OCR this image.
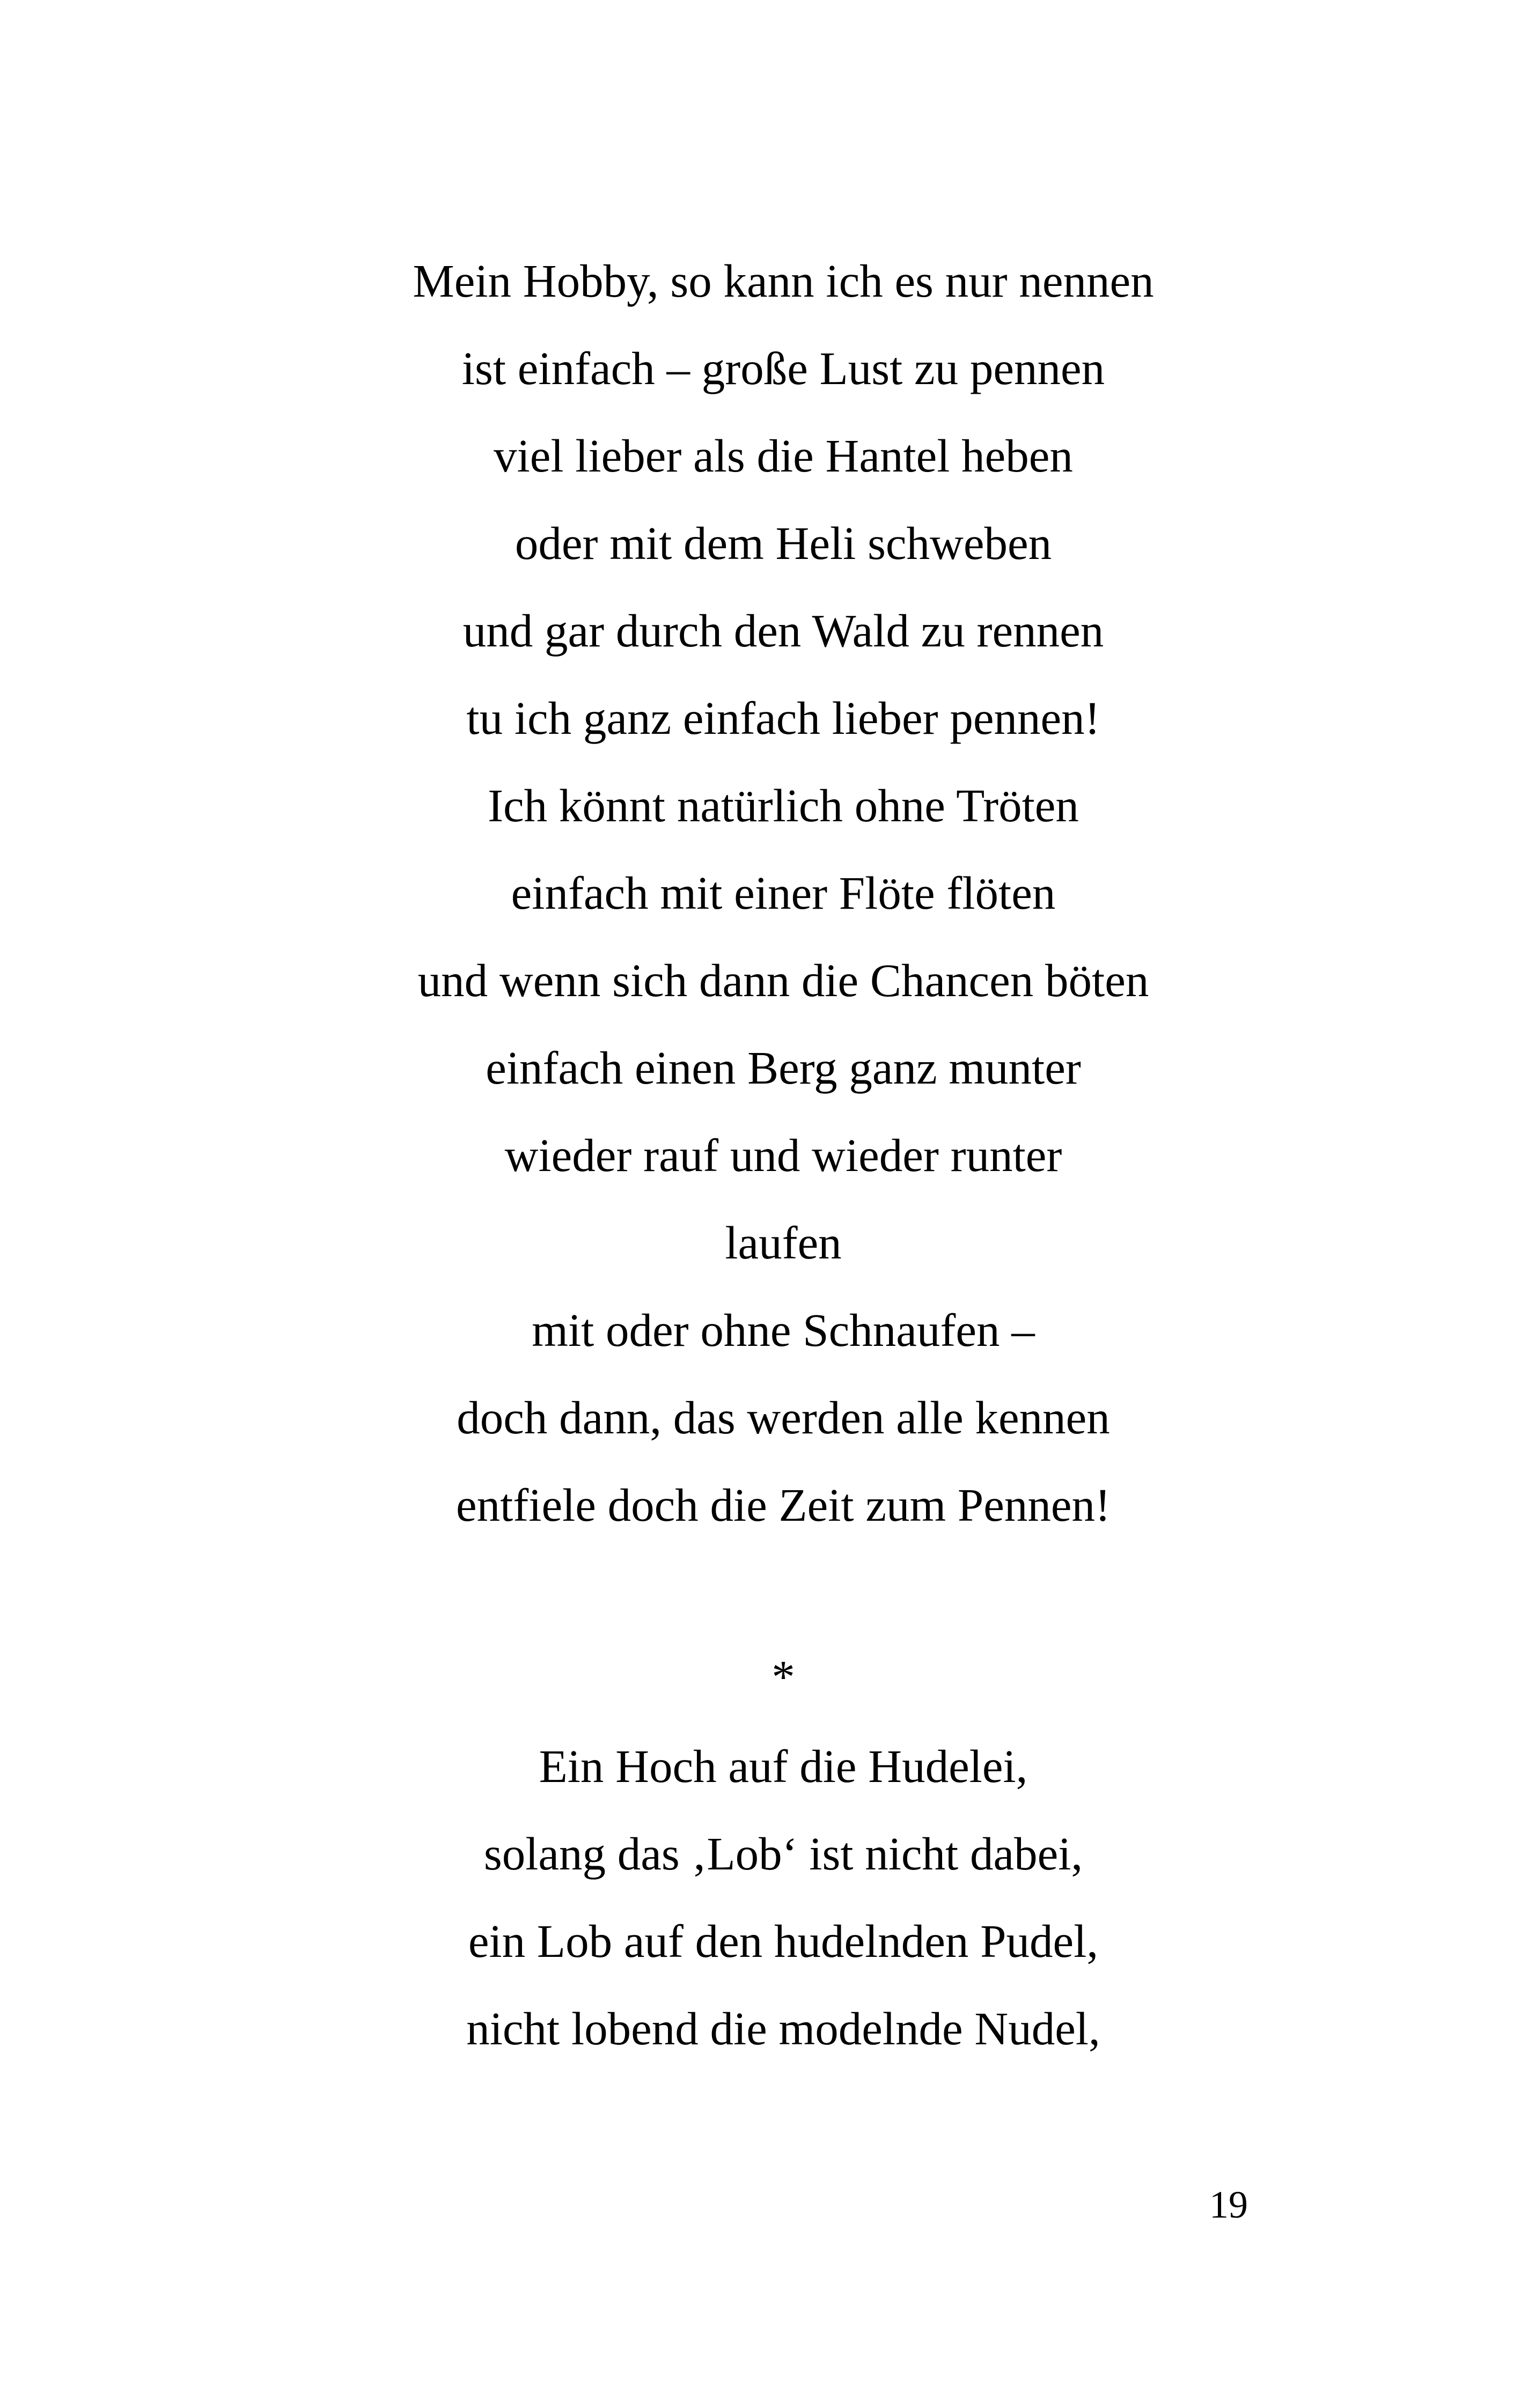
Mein Hobby, so kann ich es nur nennen
ist einfach – große Lust zu pennen
viel lieber als die Hantel heben
oder mit dem Heli schweben
und gar durch den Wald zu rennen
tu ich ganz einfach lieber pennen!
Ich könnt natürlich ohne Tröten
einfach mit einer Flöte flöten
und wenn sich dann die Chancen böten
einfach einen Berg ganz munter
wieder rauf und wieder runter
laufen
mit oder ohne Schnaufen –
doch dann, das werden alle kennen
entfiele doch die Zeit zum Pennen!
*
Ein Hoch auf die Hudelei,
solang das ‚Lob‘ ist nicht dabei,
ein Lob auf den hudelnden Pudel,
nicht lobend die modelnde Nudel,
19
